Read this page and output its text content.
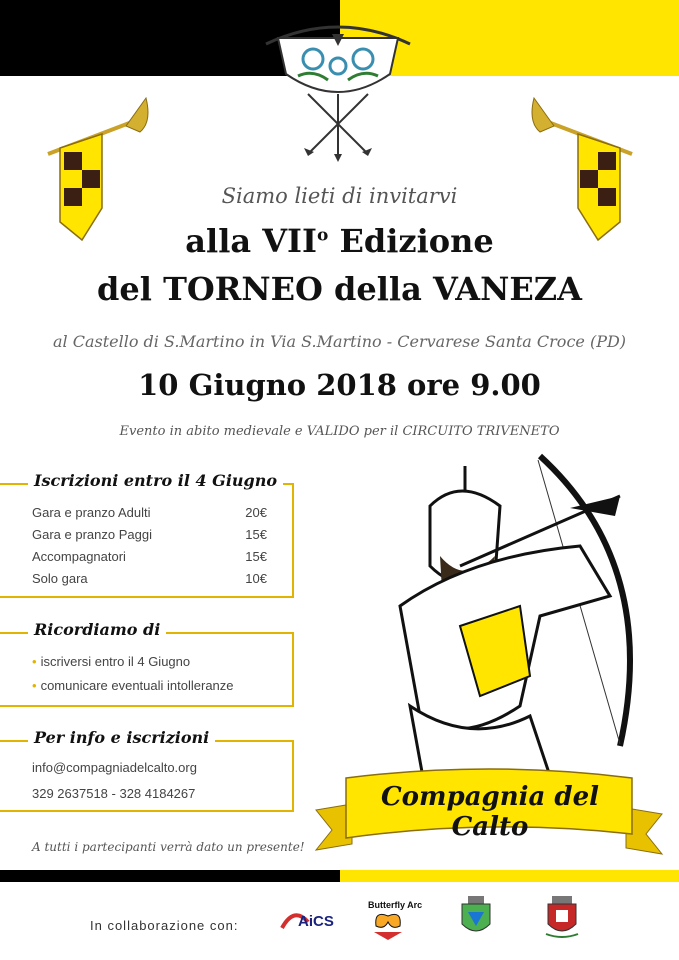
Siamo lieti di invitarvi
alla VII$^o$ Edizione
del TORNEO della VANEZA
al Castello di S.Martino in Via S.Martino - Cervarese Santa Croce (PD)
10 Giugno 2018 ore 9.00
Evento in abito medievale e VALIDO per il CIRCUITO TRIVENETO
Iscrizioni entro il 4 Giugno
Gara e pranzo Adulti	20€
Gara e pranzo Paggi	15€
Accompagnatori	15€
Solo gara	10€
Ricordiamo di
• iscriversi entro il 4 Giugno
• comunicare eventuali intolleranze
Per info e iscrizioni
info@compagniadelcalto.org
329 2637518 - 328 4184267
A tutti i partecipanti verrà dato un presente!
Compagnia del Calto
In collaborazione con:	AiCS
Butterfly Arc
